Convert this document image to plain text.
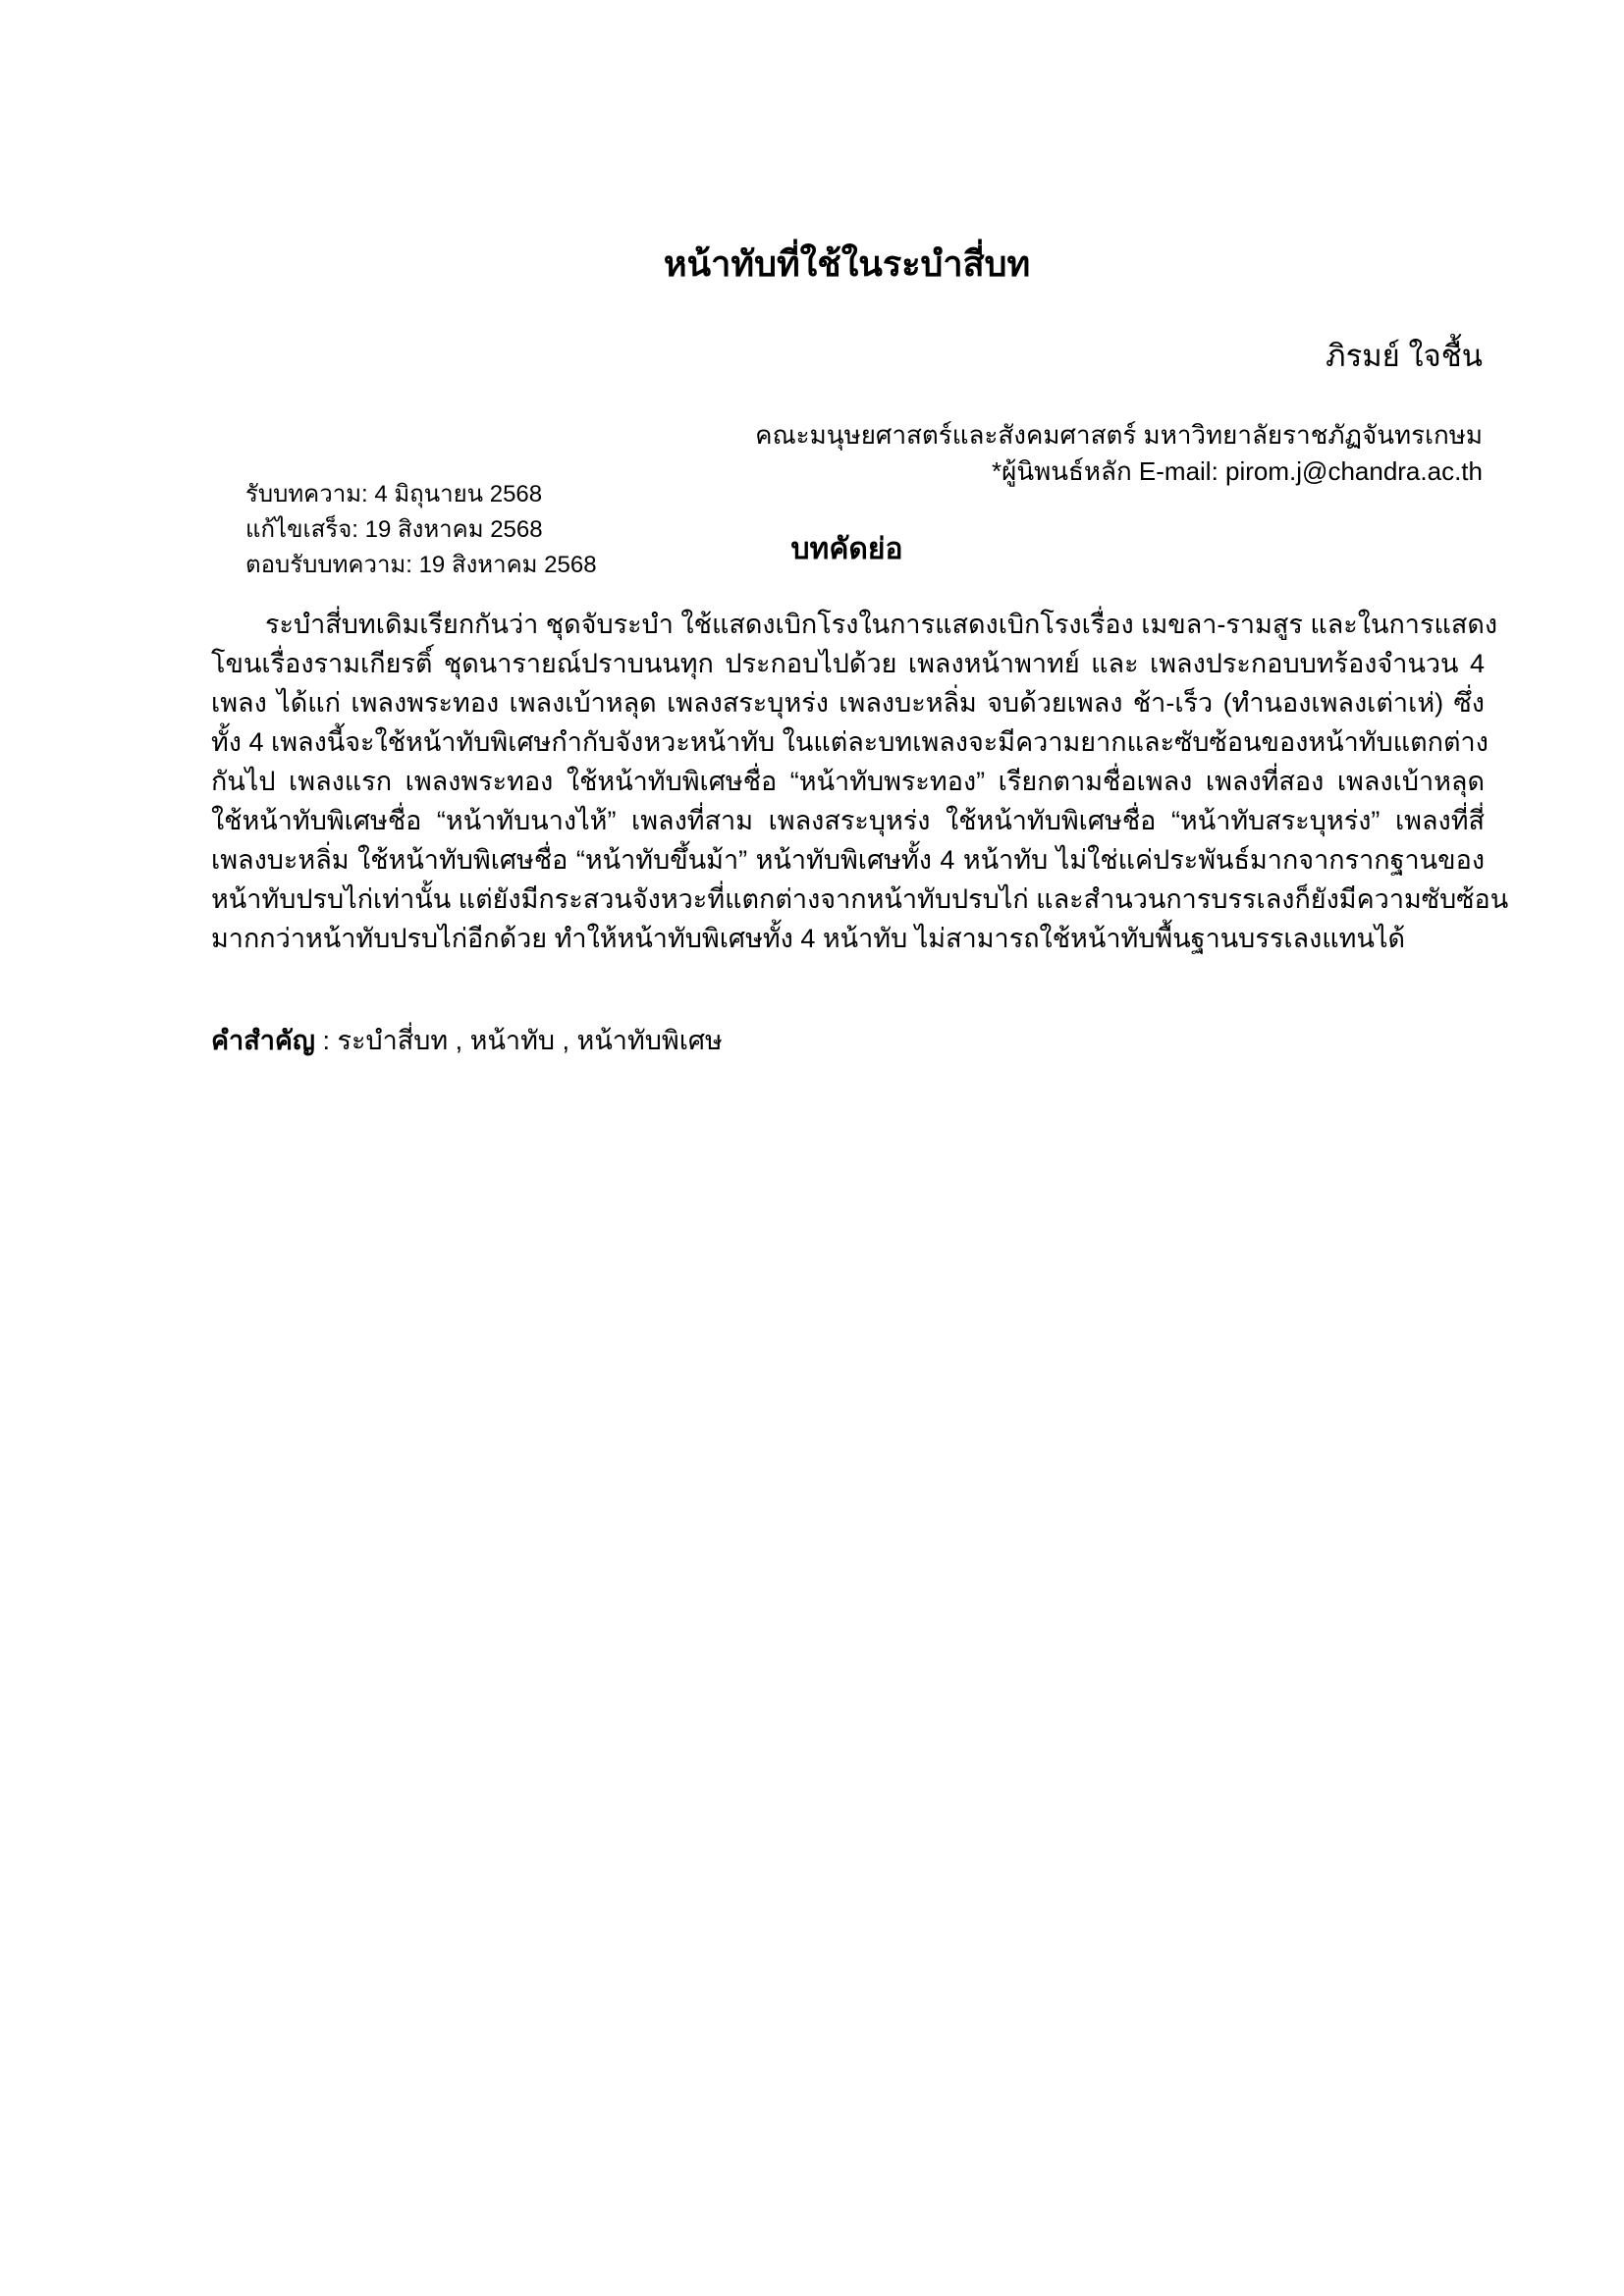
หน้าทับที่ใช้ในระบำสี่บท
ภิรมย์ ใจชื้น
คณะมนุษยศาสตร์และสังคมศาสตร์ มหาวิทยาลัยราชภัฏจันทรเกษม
*ผู้นิพนธ์หลัก E-mail: pirom.j@chandra.ac.th
รับบทความ: 4 มิถุนายน 2568
แก้ไขเสร็จ: 19 สิงหาคม 2568
ตอบรับบทความ: 19 สิงหาคม 2568	บทคัดย่อ
ระบำสี่บทเดิมเรียกกันว่า ชุดจับระบำ ใช้แสดงเบิกโรงในการแสดงเบิกโรงเรื่อง เมขลา-รามสูร และในการแสดง
โขนเรื่องรามเกียรติ์ ชุดนารายณ์ปราบนนทุก ประกอบไปด้วย เพลงหน้าพาทย์ และ เพลงประกอบบทร้องจำนวน 4
เพลง ได้แก่ เพลงพระทอง เพลงเบ้าหลุด เพลงสระบุหร่ง เพลงบะหลิ่ม จบด้วยเพลง ช้า-เร็ว (ทำนองเพลงเต่าเห่) ซึ่ง
ทั้ง 4 เพลงนี้จะใช้หน้าทับพิเศษกำกับจังหวะหน้าทับ ในแต่ละบทเพลงจะมีความยากและซับซ้อนของหน้าทับแตกต่าง
กันไป เพลงแรก เพลงพระทอง ใช้หน้าทับพิเศษชื่อ “หน้าทับพระทอง” เรียกตามชื่อเพลง เพลงที่สอง เพลงเบ้าหลุด
ใช้หน้าทับพิเศษชื่อ “หน้าทับนางไห้” เพลงที่สาม เพลงสระบุหร่ง ใช้หน้าทับพิเศษชื่อ “หน้าทับสระบุหร่ง” เพลงที่สี่
เพลงบะหลิ่ม ใช้หน้าทับพิเศษชื่อ “หน้าทับขึ้นม้า” หน้าทับพิเศษทั้ง 4 หน้าทับ ไม่ใช่แค่ประพันธ์มากจากรากฐานของ
หน้าทับปรบไก่เท่านั้น แต่ยังมีกระสวนจังหวะที่แตกต่างจากหน้าทับปรบไก่ และสำนวนการบรรเลงก็ยังมีความซับซ้อน
มากกว่าหน้าทับปรบไก่อีกด้วย ทำให้หน้าทับพิเศษทั้ง 4 หน้าทับ ไม่สามารถใช้หน้าทับพื้นฐานบรรเลงแทนได้
คำสำคัญ : ระบำสี่บท , หน้าทับ , หน้าทับพิเศษ
